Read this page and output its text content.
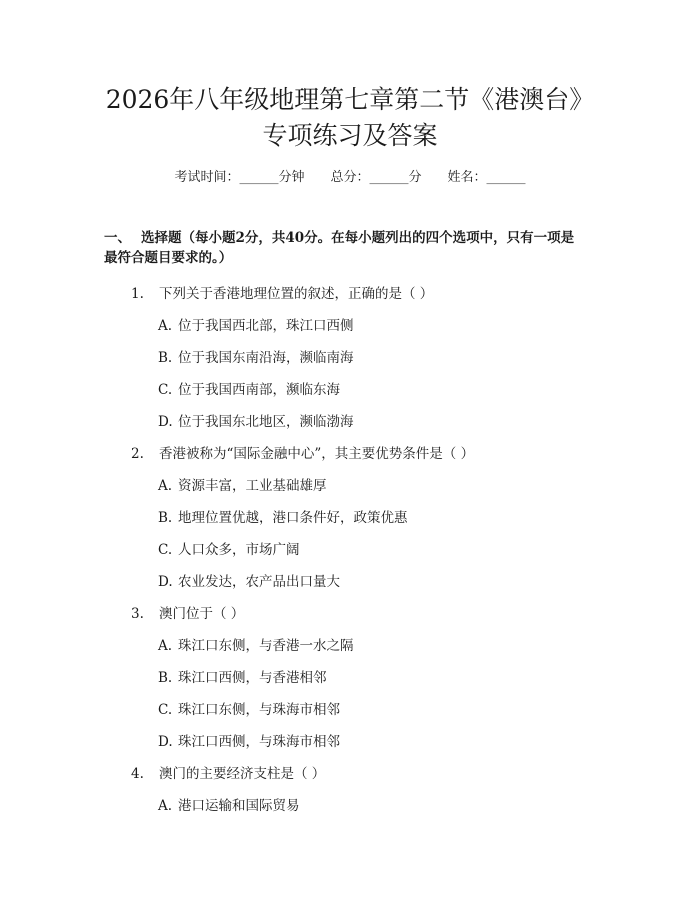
2026年八年级地理第七章第二节《港澳台》
专项练习及答案
考试时间：______分钟 总分：______分 姓名：______
一、 选择题（每小题2分，共40分。在每小题列出的四个选项中，只有一项是
最符合题目要求的。）
1. 下列关于香港地理位置的叙述，正确的是（ ）
A. 位于我国西北部，珠江口西侧
B. 位于我国东南沿海，濒临南海
C. 位于我国西南部，濒临东海
D. 位于我国东北地区，濒临渤海
2. 香港被称为“国际金融中心”，其主要优势条件是（ ）
A. 资源丰富，工业基础雄厚
B. 地理位置优越，港口条件好，政策优惠
C. 人口众多，市场广阔
D. 农业发达，农产品出口量大
3. 澳门位于（ ）
A. 珠江口东侧，与香港一水之隔
B. 珠江口西侧，与香港相邻
C. 珠江口东侧，与珠海市相邻
D. 珠江口西侧，与珠海市相邻
4. 澳门的主要经济支柱是（ ）
A. 港口运输和国际贸易
